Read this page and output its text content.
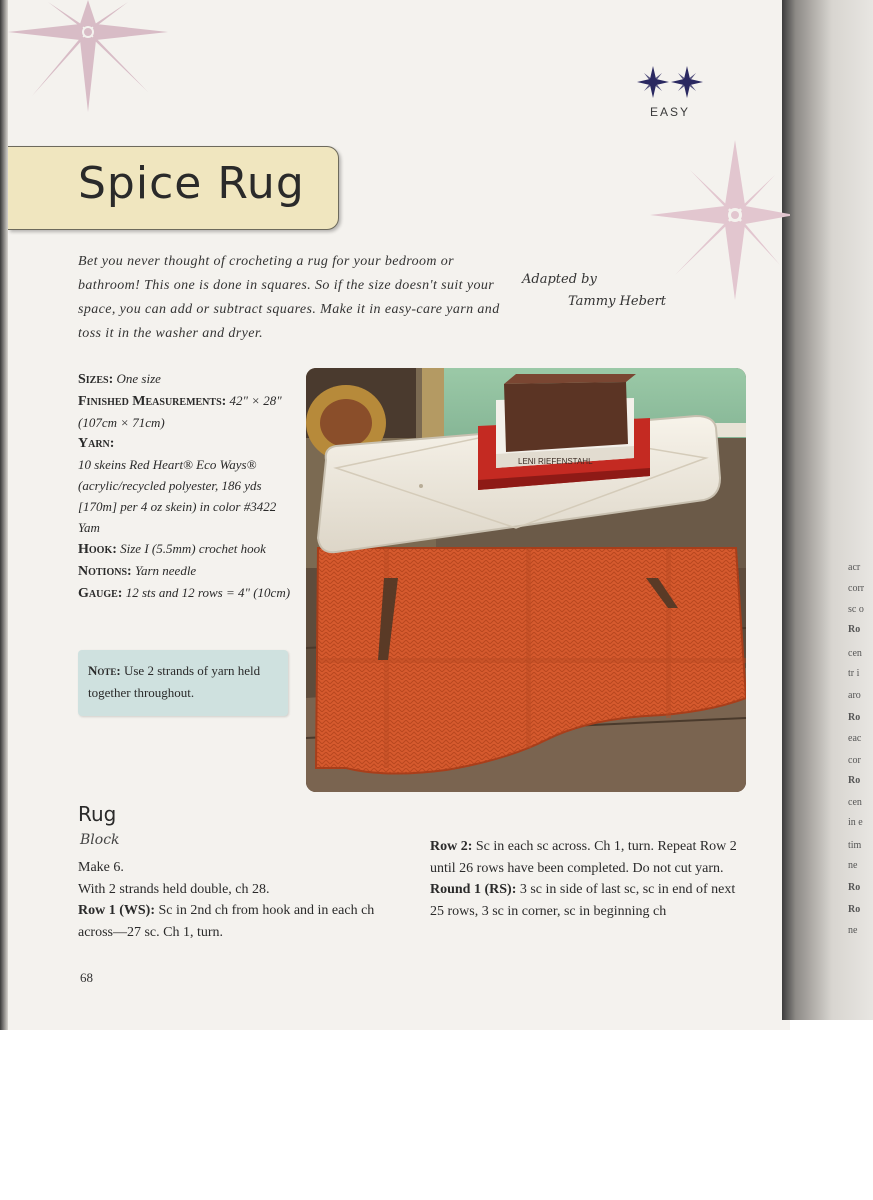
acr
corr
sc o
Ro
cen
tr i
aro
Ro
eac
cor
Ro
cen
in e
tim
ne
Ro
Ro
ne
EASY
Spice Rug
Bet you never thought of crocheting a rug for your bedroom or bathroom! This one is done in squares. So if the size doesn't suit your space, you can add or subtract squares. Make it in easy-care yarn and toss it in the washer and dryer.
Adapted by
Tammy Hebert
Sizes: One size
Finished Measurements: 42" × 28" (107cm × 71cm)
Yarn:
10 skeins Red Heart® Eco Ways® (acrylic/recycled polyester, 186 yds [170m] per 4 oz skein) in color #3422 Yam
Hook: Size I (5.5mm) crochet hook
Notions: Yarn needle
Gauge: 12 sts and 12 rows = 4" (10cm)
Note: Use 2 strands of yarn held together throughout.
LENI RIEFENSTAHL
Rug
Block
Make 6.
With 2 strands held double, ch 28.
Row 1 (WS): Sc in 2nd ch from hook and in each ch across—27 sc. Ch 1, turn.
Row 2: Sc in each sc across. Ch 1, turn. Repeat Row 2 until 26 rows have been completed. Do not cut yarn.
Round 1 (RS): 3 sc in side of last sc, sc in end of next 25 rows, 3 sc in corner, sc in beginning ch
68
